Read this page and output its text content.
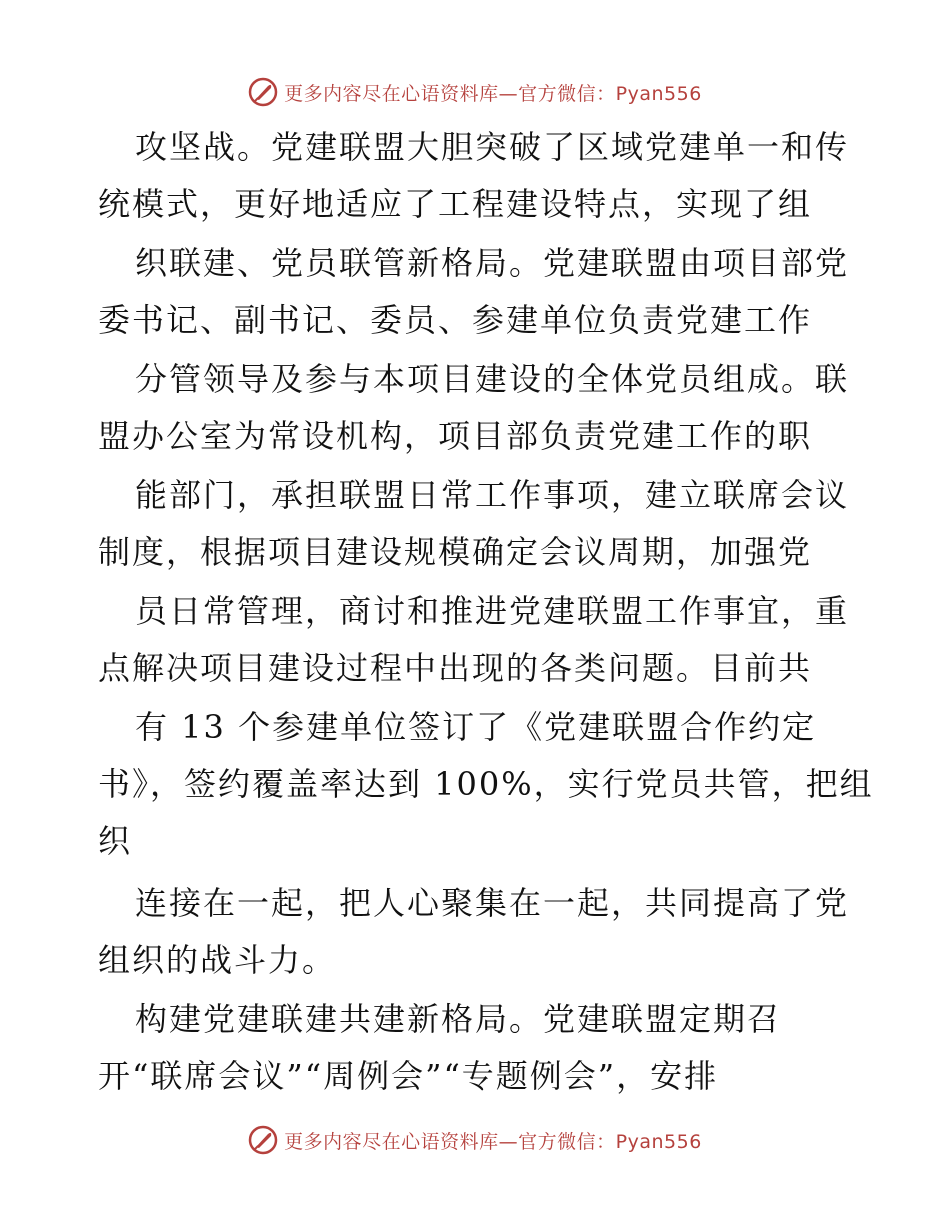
更多内容尽在心语资料库—官方微信：Pyan556
攻坚战。党建联盟大胆突破了区域党建单一和传
统模式，更好地适应了工程建设特点，实现了组
织联建、党员联管新格局。党建联盟由项目部党
委书记、副书记、委员、参建单位负责党建工作
分管领导及参与本项目建设的全体党员组成。联
盟办公室为常设机构，项目部负责党建工作的职
能部门，承担联盟日常工作事项，建立联席会议
制度，根据项目建设规模确定会议周期，加强党
员日常管理，商讨和推进党建联盟工作事宜，重
点解决项目建设过程中出现的各类问题。目前共
有 13 个参建单位签订了《党建联盟合作约定
书》，签约覆盖率达到 100%，实行党员共管，把组
织
连接在一起，把人心聚集在一起，共同提高了党
组织的战斗力。
构建党建联建共建新格局。党建联盟定期召
开“联席会议”“周例会”“专题例会”，安排
更多内容尽在心语资料库—官方微信：Pyan556
